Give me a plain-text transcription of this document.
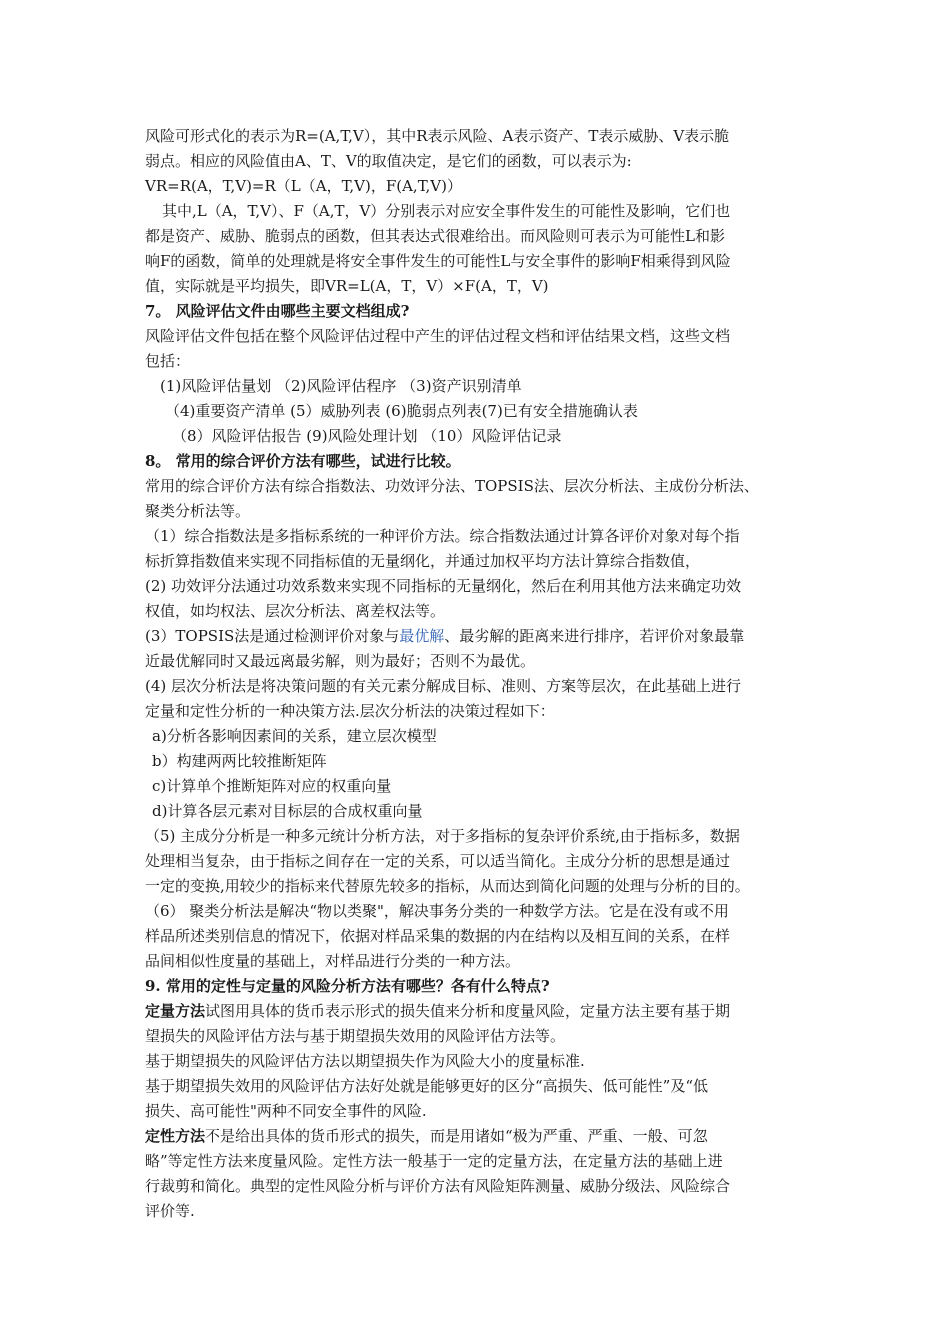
风险可形式化的表示为R=(A,T,V），其中R表示风险、A表示资产、T表示威胁、V表示脆
弱点。相应的风险值由A、T、V的取值决定，是它们的函数，可以表示为:
VR=R(A，T,V)=R（L（A，T,V)，F(A,T,V)）
其中,L（A，T,V）、F（A,T，V）分别表示对应安全事件发生的可能性及影响，它们也
都是资产、威胁、脆弱点的函数，但其表达式很难给出。而风险则可表示为可能性L和影
响F的函数，简单的处理就是将安全事件发生的可能性L与安全事件的影响F相乘得到风险
值，实际就是平均损失，即VR=L(A，T，V）×F(A，T，V)
7。 风险评估文件由哪些主要文档组成?
风险评估文件包括在整个风险评估过程中产生的评估过程文档和评估结果文档，这些文档
包括：
(1)风险评估量划 （2)风险评估程序 （3)资产识别清单
（4)重要资产清单 (5）威胁列表 (6)脆弱点列表(7)已有安全措施确认表
（8）风险评估报告 (9)风险处理计划 （10）风险评估记录
8。 常用的综合评价方法有哪些，试进行比较。
常用的综合评价方法有综合指数法、功效评分法、TOPSIS法、层次分析法、主成份分析法、
聚类分析法等。
（1）综合指数法是多指标系统的一种评价方法。综合指数法通过计算各评价对象对每个指
标折算指数值来实现不同指标值的无量纲化，并通过加权平均方法计算综合指数值，
(2) 功效评分法通过功效系数来实现不同指标的无量纲化，然后在利用其他方法来确定功效
权值，如均权法、层次分析法、离差权法等。
(3）TOPSIS法是通过检测评价对象与最优解、最劣解的距离来进行排序，若评价对象最靠
近最优解同时又最远离最劣解，则为最好；否则不为最优。
(4) 层次分析法是将决策问题的有关元素分解成目标、准则、方案等层次，在此基础上进行
定量和定性分析的一种决策方法.层次分析法的决策过程如下：
a)分析各影响因素间的关系，建立层次模型
b）构建两两比较推断矩阵
c)计算单个推断矩阵对应的权重向量
d)计算各层元素对目标层的合成权重向量
（5) 主成分分析是一种多元统计分析方法，对于多指标的复杂评价系统,由于指标多，数据
处理相当复杂，由于指标之间存在一定的关系，可以适当简化。主成分分析的思想是通过
一定的变换,用较少的指标来代替原先较多的指标，从而达到简化问题的处理与分析的目的。
（6） 聚类分析法是解决“物以类聚"，解决事务分类的一种数学方法。它是在没有或不用
样品所述类别信息的情况下，依据对样品采集的数据的内在结构以及相互间的关系，在样
品间相似性度量的基础上，对样品进行分类的一种方法。
9. 常用的定性与定量的风险分析方法有哪些？各有什么特点?
定量方法试图用具体的货币表示形式的损失值来分析和度量风险，定量方法主要有基于期
望损失的风险评估方法与基于期望损失效用的风险评估方法等。
基于期望损失的风险评估方法以期望损失作为风险大小的度量标准.
基于期望损失效用的风险评估方法好处就是能够更好的区分“高损失、低可能性”及“低
损失、高可能性"两种不同安全事件的风险.
定性方法不是给出具体的货币形式的损失，而是用诸如“极为严重、严重、一般、可忽
略”等定性方法来度量风险。定性方法一般基于一定的定量方法，在定量方法的基础上进
行裁剪和简化。典型的定性风险分析与评价方法有风险矩阵测量、威胁分级法、风险综合
评价等.
